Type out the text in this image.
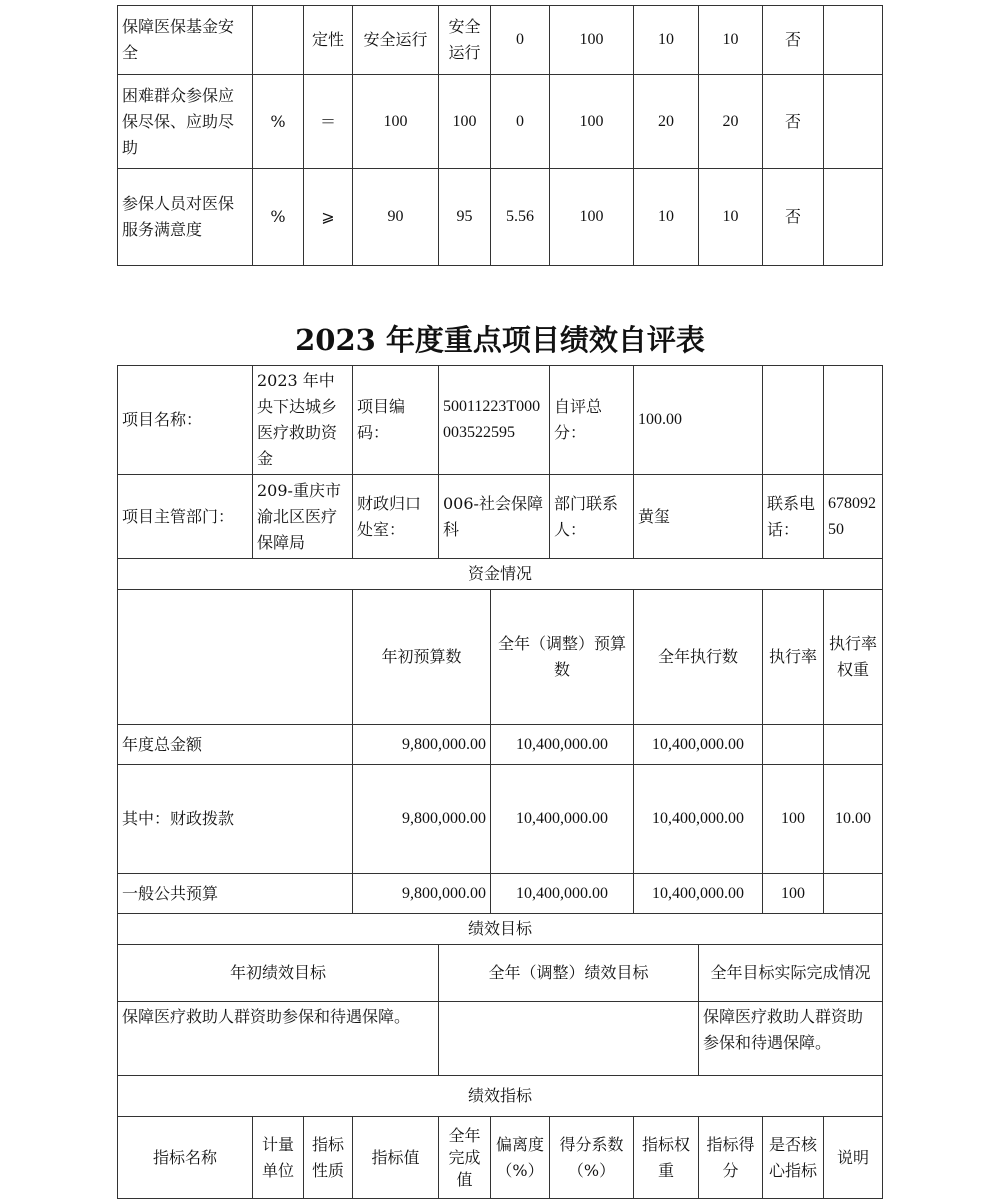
保障医保基金安全		定性	安全运行	安全运行	0	100	10	10	否	
困难群众参保应保尽保、应助尽助	%	＝	100	100	0	100	20	20	否	
参保人员对医保服务满意度	%	⩾	90	95	5.56	100	10	10	否	
2023 年度重点项目绩效自评表
项目名称：	2023 年中央下达城乡医疗救助资金		项目编码：	50011223T000003522595		自评总分：	100.00				
项目主管部门：	209-重庆市渝北区医疗保障局		财政归口处室：	006-社会保障科		部门联系人：	黄玺		联系电话：	67809250	
资金情况											
			年初预算数		全年（调整）预算数		全年执行数		执行率	执行率权重	
年度总金额			9,800,000.00		10,400,000.00		10,400,000.00				
其中：财政拨款			9,800,000.00		10,400,000.00		10,400,000.00		100	10.00	
一般公共预算			9,800,000.00		10,400,000.00		10,400,000.00		100		
绩效目标											
年初绩效目标				全年（调整）绩效目标				全年目标实际完成情况			
保障医疗救助人群资助参保和待遇保障。								保障医疗救助人群资助参保和待遇保障。			
绩效指标											
指标名称	计量单位	指标性质	指标值	全年完成值	偏离度（%）	得分系数（%）	指标权重	指标得分	是否核心指标	说明	
